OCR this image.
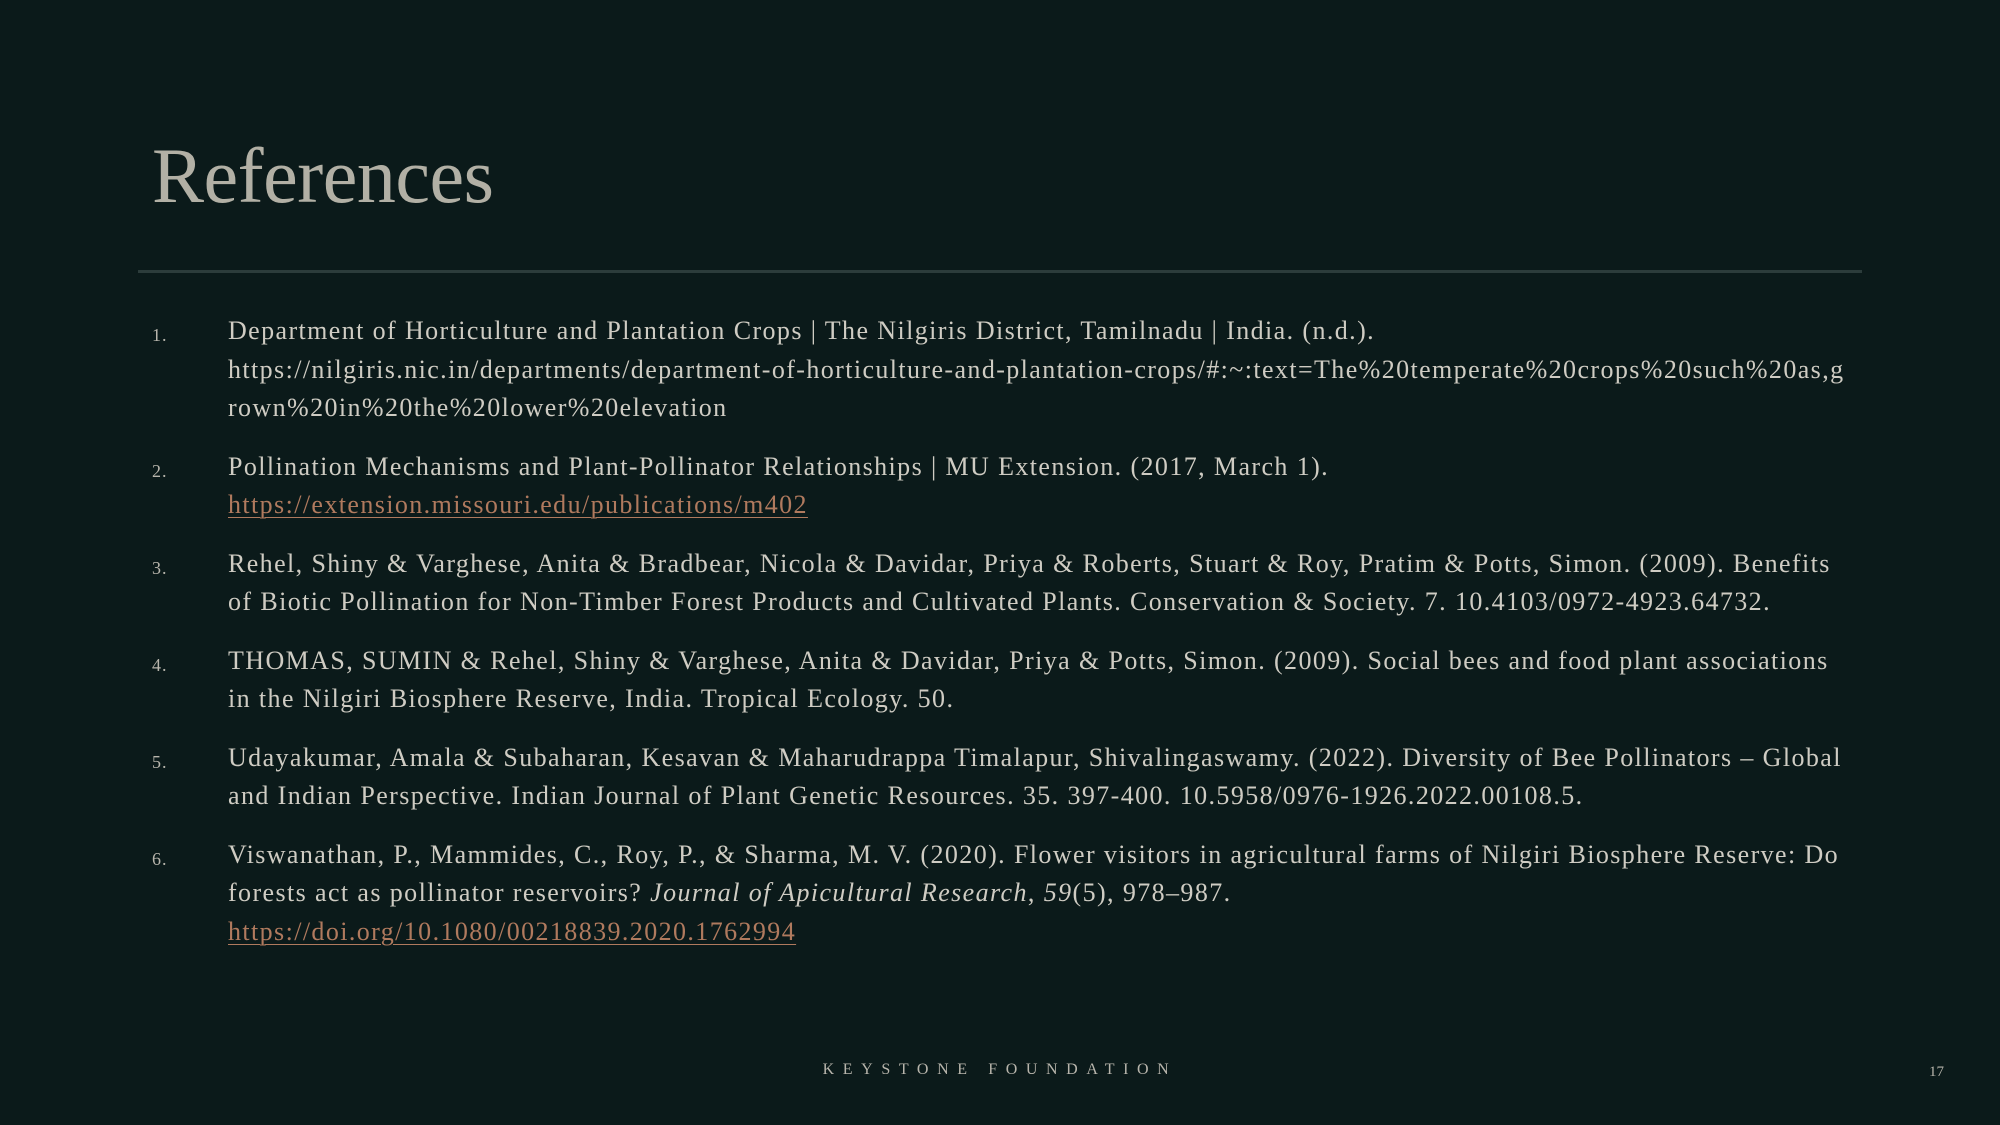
References
1. Department of Horticulture and Plantation Crops | The Nilgiris District, Tamilnadu | India. (n.d.).
https://nilgiris.nic.in/departments/department-of-horticulture-and-plantation-crops/#:~:text=The%20temperate%20crops%20such%20as,grown%20in%20the%20lower%20elevation
2. Pollination Mechanisms and Plant-Pollinator Relationships | MU Extension. (2017, March 1).
https://extension.missouri.edu/publications/m402
3. Rehel, Shiny & Varghese, Anita & Bradbear, Nicola & Davidar, Priya & Roberts, Stuart & Roy, Pratim & Potts, Simon. (2009). Benefits of Biotic Pollination for Non-Timber Forest Products and Cultivated Plants. Conservation & Society. 7. 10.4103/0972-4923.64732.
4. THOMAS, SUMIN & Rehel, Shiny & Varghese, Anita & Davidar, Priya & Potts, Simon. (2009). Social bees and food plant associations in the Nilgiri Biosphere Reserve, India. Tropical Ecology. 50.
5. Udayakumar, Amala & Subaharan, Kesavan & Maharudrappa Timalapur, Shivalingaswamy. (2022). Diversity of Bee Pollinators – Global and Indian Perspective. Indian Journal of Plant Genetic Resources. 35. 397-400. 10.5958/0976-1926.2022.00108.5.
6. Viswanathan, P., Mammides, C., Roy, P., & Sharma, M. V. (2020). Flower visitors in agricultural farms of Nilgiri Biosphere Reserve: Do forests act as pollinator reservoirs? Journal of Apicultural Research, 59(5), 978–987.
https://doi.org/10.1080/00218839.2020.1762994
KEYSTONE FOUNDATION	17
